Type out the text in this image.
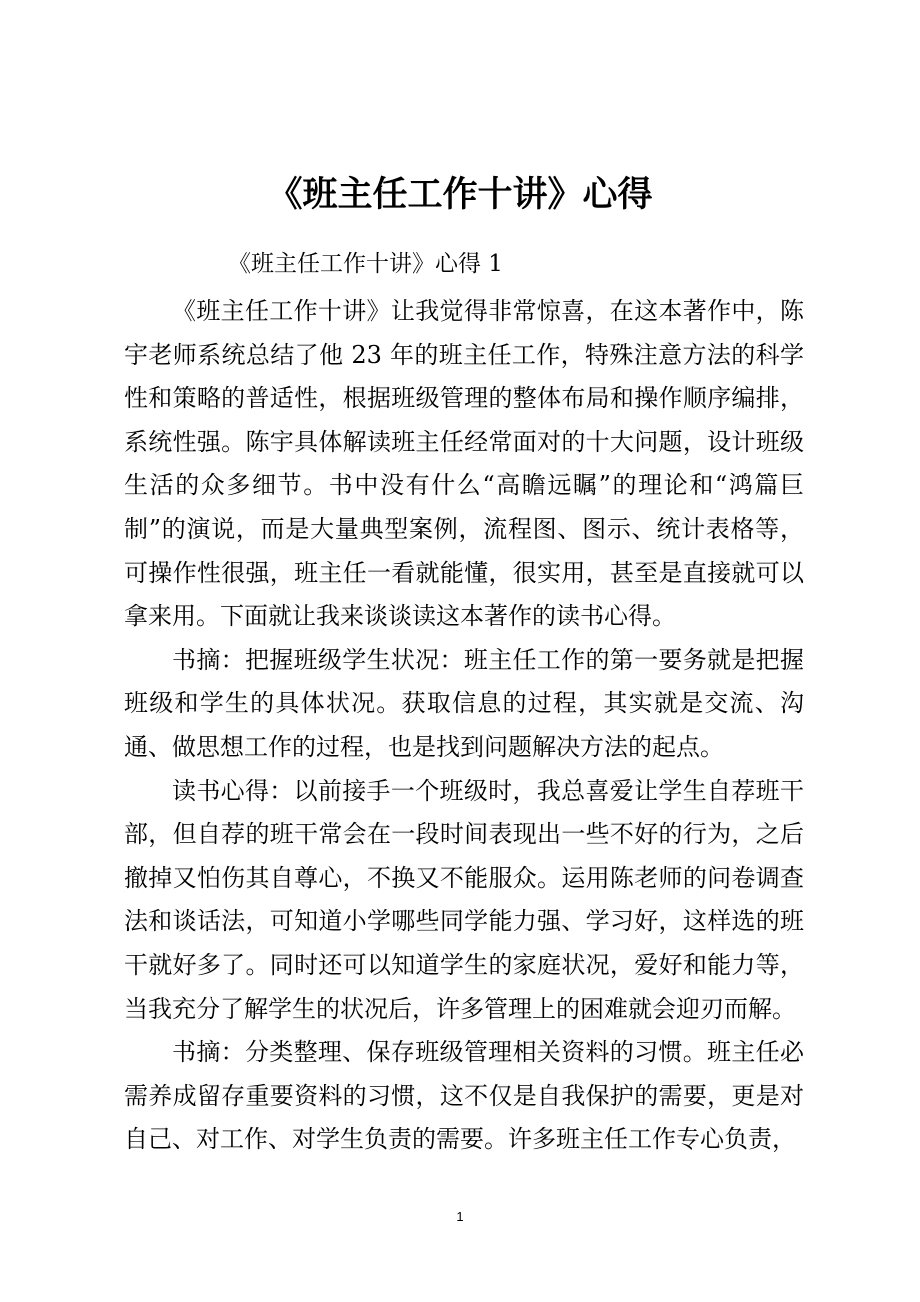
《班主任工作十讲》心得

《班主任工作十讲》心得 1

《班主任工作十讲》让我觉得非常惊喜，在这本著作中，陈宇老师系统总结了他 23 年的班主任工作，特殊注意方法的科学性和策略的普适性，根据班级管理的整体布局和操作顺序编排，系统性强。陈宇具体解读班主任经常面对的十大问题，设计班级生活的众多细节。书中没有什么“高瞻远瞩”的理论和“鸿篇巨制”的演说，而是大量典型案例，流程图、图示、统计表格等，可操作性很强，班主任一看就能懂，很实用，甚至是直接就可以拿来用。下面就让我来谈谈读这本著作的读书心得。

书摘：把握班级学生状况：班主任工作的第一要务就是把握班级和学生的具体状况。获取信息的过程，其实就是交流、沟通、做思想工作的过程，也是找到问题解决方法的起点。

读书心得：以前接手一个班级时，我总喜爱让学生自荐班干部，但自荐的班干常会在一段时间表现出一些不好的行为，之后撤掉又怕伤其自尊心，不换又不能服众。运用陈老师的问卷调查法和谈话法，可知道小学哪些同学能力强、学习好，这样选的班干就好多了。同时还可以知道学生的家庭状况，爱好和能力等，当我充分了解学生的状况后，许多管理上的困难就会迎刃而解。

书摘：分类整理、保存班级管理相关资料的习惯。班主任必需养成留存重要资料的习惯，这不仅是自我保护的需要，更是对自己、对工作、对学生负责的需要。许多班主任工作专心负责，

1
